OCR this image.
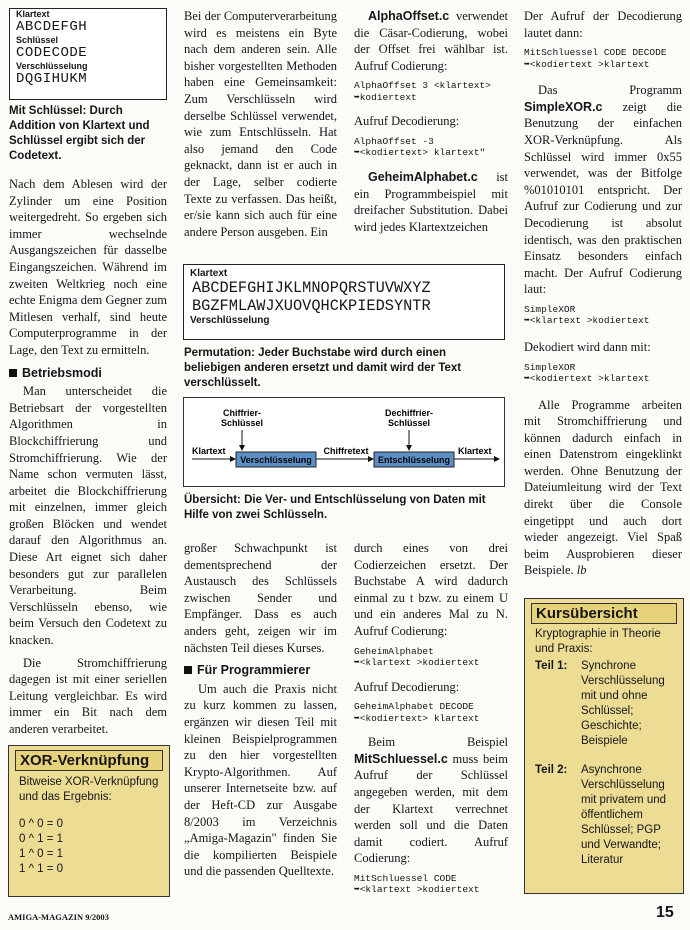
Klartext
ABCDEFGH
Schlüssel
CODECODE
Verschlüsselung
DQGIHUKM
Mit Schlüssel: Durch Addition von Klartext und Schlüssel ergibt sich der Codetext.

Nach dem Ablesen wird der Zylinder um eine Position weitergedreht. So ergeben sich immer wechselnde Ausgangszeichen für dasselbe Eingangszeichen. Während im zweiten Weltkrieg noch eine echte Enigma dem Gegner zum Mitlesen verhalf, sind heute Computerprogramme in der Lage, den Text zu ermitteln.

Betriebsmodi

Man unterscheidet die Betriebsart der vorgestellten Algorithmen in Blockchiffrierung und Stromchiffrierung. Wie der Name schon vermuten lässt, arbeitet die Blockchiffrierung mit einzelnen, immer gleich großen Blöcken und wendet darauf den Algorithmus an. Diese Art eignet sich daher besonders gut zur parallelen Verarbeitung. Beim Verschlüsseln ebenso, wie beim Versuch den Codetext zu knacken.

Die Stromchiffrierung dagegen ist mit einer seriellen Leitung vergleichbar. Es wird immer ein Bit nach dem anderen verarbeitet.

XOR-Verknüpfung
Bitweise XOR-Verknüpfung und das Ergebnis:
0 ^ 0 = 0
0 ^ 1 = 1
1 ^ 0 = 1
1 ^ 1 = 0

Bei der Computerverarbeitung wird es meistens ein Byte nach dem anderen sein. Alle bisher vorgestellten Methoden haben eine Gemeinsamkeit: Zum Verschlüsseln wird derselbe Schlüssel verwendet, wie zum Entschlüsseln. Hat also jemand den Code geknackt, dann ist er auch in der Lage, selber codierte Texte zu verfassen. Das heißt, er/sie kann sich auch für eine andere Person ausgeben. Ein

AlphaOffset.c verwendet die Cäsar-Codierung, wobei der Offset frei wählbar ist. Aufruf Codierung:

AlphaOffset 3 <klartext>
➥kodiertext

Aufruf Decodierung:

AlphaOffset -3
➥<kodiertext> klartext"

GeheimAlphabet.c ist ein Programmbeispiel mit dreifacher Substitution. Dabei wird jedes Klartextzeichen

Klartext
ABCDEFGHIJKLMNOPQRSTUVWXYZ
BGZFMLAWJXUOVQHCKPIEDSYNTR
Verschlüsselung
Permutation: Jeder Buchstabe wird durch einen beliebigen anderen ersetzt und damit wird der Text verschlüsselt.
Chiffrier-
Schlüssel
Dechiffrier-
Schlüssel
Klartext
Verschlüsselung
Chiffretext
Entschlüsselung
Klartext
Übersicht: Die Ver- und Entschlüsselung von Daten mit Hilfe von zwei Schlüsseln.

großer Schwachpunkt ist dementsprechend der Austausch des Schlüssels zwischen Sender und Empfänger. Dass es auch anders geht, zeigen wir im nächsten Teil dieses Kurses.

Für Programmierer

Um auch die Praxis nicht zu kurz kommen zu lassen, ergänzen wir diesen Teil mit kleinen Beispielprogrammen zu den hier vorgestellten Krypto-Algorithmen. Auf unserer Internetseite bzw. auf der Heft-CD zur Ausgabe 8/2003 im Verzeichnis „Amiga-Magazin" finden Sie die kompilierten Beispiele und die passenden Quelltexte.

durch eines von drei Codierzeichen ersetzt. Der Buchstabe A wird dadurch einmal zu t bzw. zu einem U und ein anderes Mal zu N. Aufruf Codierung:

GeheimAlphabet
➥<klartext >kodiertext

Aufruf Decodierung:

GeheimAlphabet DECODE
➥<kodiertext> klartext

Beim Beispiel MitSchluessel.c muss beim Aufruf der Schlüssel angegeben werden, mit dem der Klartext verrechnet werden soll und die Daten damit codiert. Aufruf Codierung:

MitSchluessel CODE
➥<klartext >kodiertext

Der Aufruf der Decodierung lautet dann:

MitSchluessel CODE DECODE
➥<kodiertext >klartext

Das Programm SimpleXOR.c zeigt die Benutzung der einfachen XOR-Verknüpfung. Als Schlüssel wird immer 0x55 verwendet, was der Bitfolge %01010101 entspricht. Der Aufruf zur Codierung und zur Decodierung ist absolut identisch, was den praktischen Einsatz besonders einfach macht. Der Aufruf Codierung laut:

SimpleXOR
➥<klartext >kodiertext

Dekodiert wird dann mit:

SimpleXOR
➥<kodiertext >klartext

Alle Programme arbeiten mit Stromchiffrierung und können dadurch einfach in einen Datenstrom eingeklinkt werden. Ohne Benutzung der Dateiumleitung wird der Text direkt über die Console eingetippt und auch dort wieder angezeigt. Viel Spaß beim Ausprobieren dieser Beispiele. lb

Kursübersicht
Kryptographie in Theorie und Praxis:
Teil 1:	Synchrone Verschlüsselung mit und ohne Schlüssel; Geschichte; Beispiele
Teil 2:	Asynchrone Verschlüsselung mit privatem und öffentlichem Schlüssel; PGP und Verwandte; Literatur
AMIGA-MAGAZIN 9/2003	15
